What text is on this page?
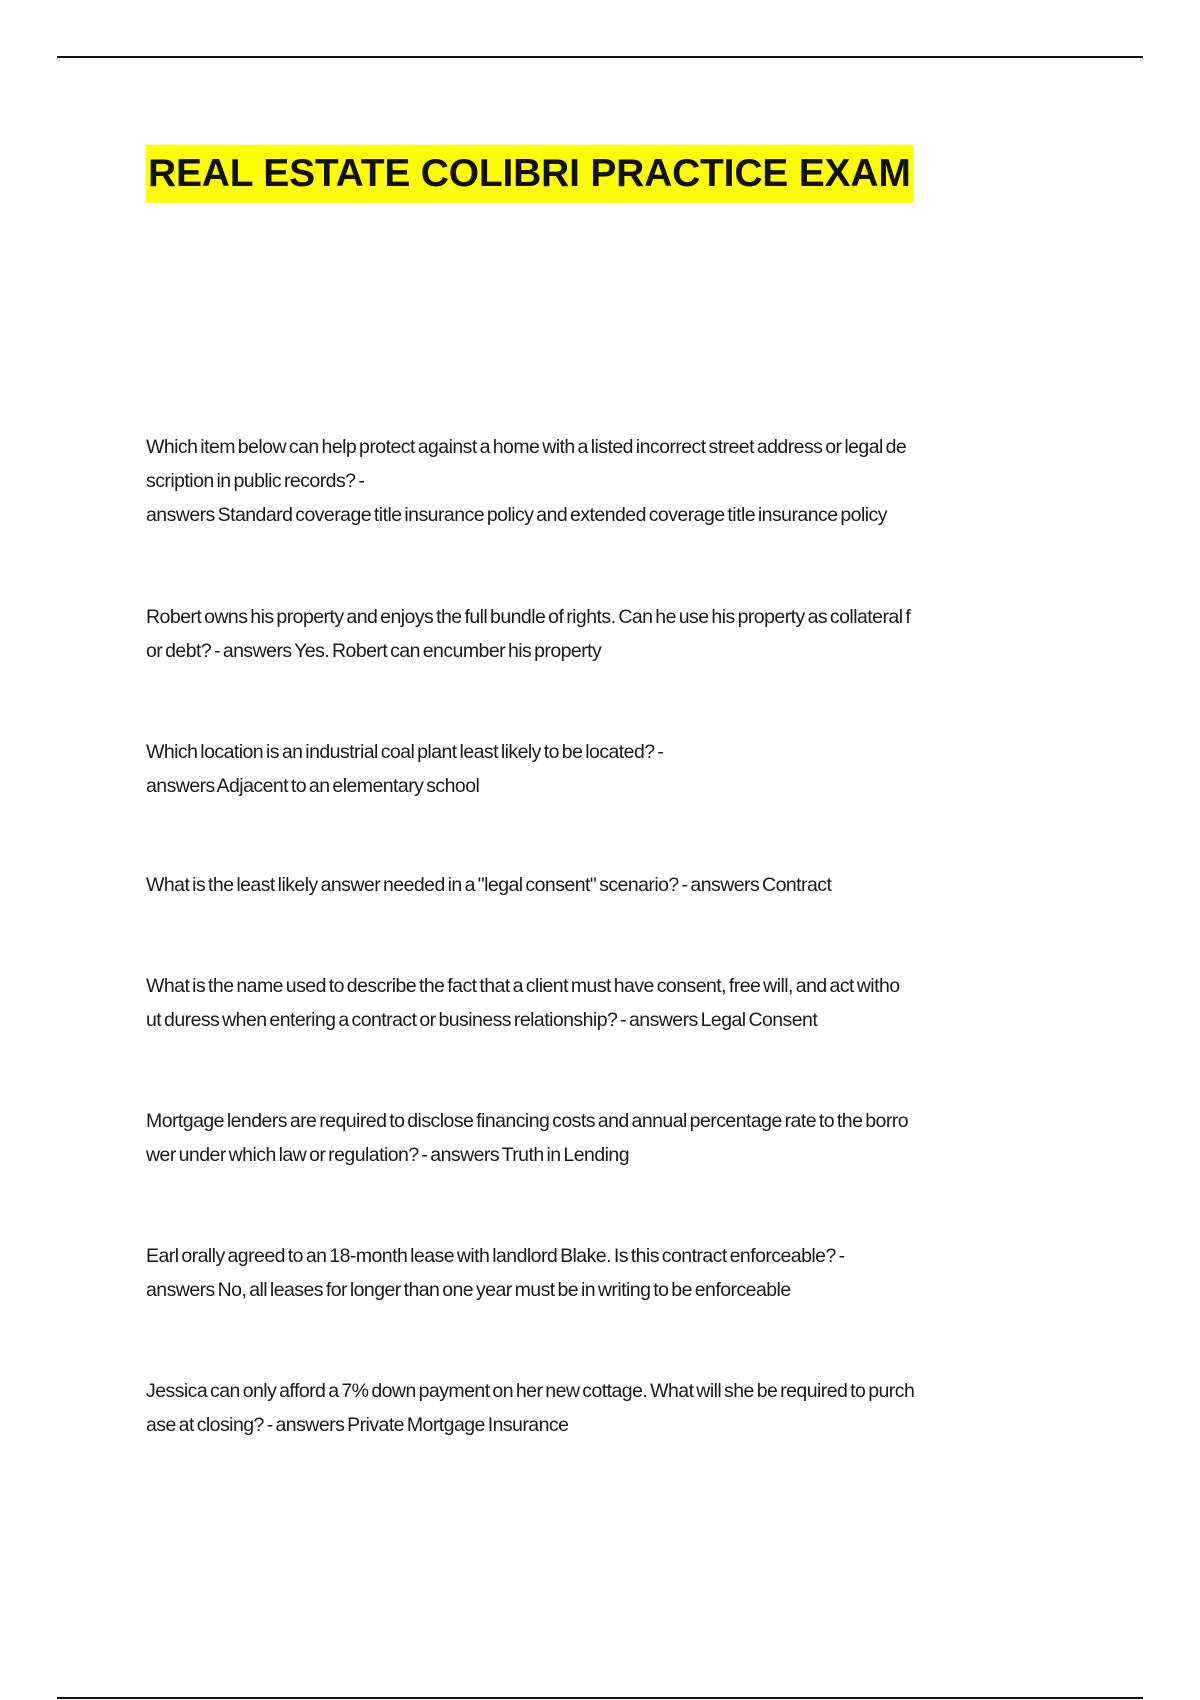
REAL ESTATE COLIBRI PRACTICE EXAM
Which item below can help protect against a home with a listed incorrect street address or legal de
scription in public records? -
answers Standard coverage title insurance policy and extended coverage title insurance policy
Robert owns his property and enjoys the full bundle of rights. Can he use his property as collateral f
or debt? - answers Yes. Robert can encumber his property
Which location is an industrial coal plant least likely to be located? -
answers Adjacent to an elementary school
What is the least likely answer needed in a "legal consent" scenario? - answers Contract
What is the name used to describe the fact that a client must have consent, free will, and act witho
ut duress when entering a contract or business relationship? - answers Legal Consent
Mortgage lenders are required to disclose financing costs and annual percentage rate to the borro
wer under which law or regulation? - answers Truth in Lending
Earl orally agreed to an 18-month lease with landlord Blake. Is this contract enforceable? -
answers No, all leases for longer than one year must be in writing to be enforceable
Jessica can only afford a 7% down payment on her new cottage. What will she be required to purch
ase at closing? - answers Private Mortgage Insurance
